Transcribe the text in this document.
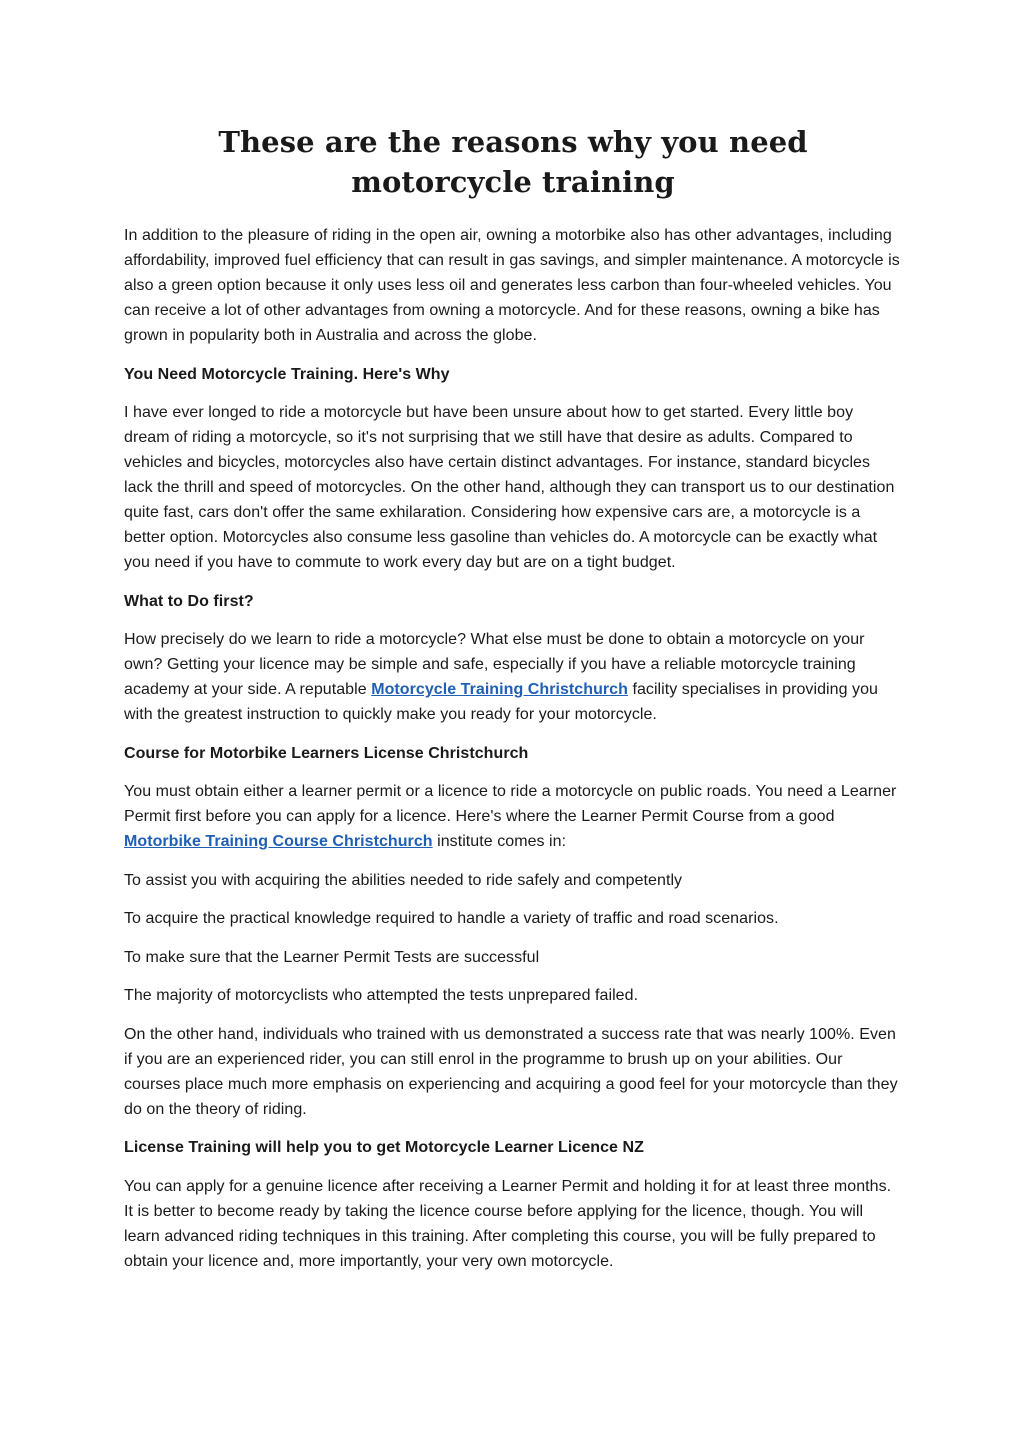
These are the reasons why you need motorcycle training

In addition to the pleasure of riding in the open air, owning a motorbike also has other advantages, including affordability, improved fuel efficiency that can result in gas savings, and simpler maintenance. A motorcycle is also a green option because it only uses less oil and generates less carbon than four-wheeled vehicles. You can receive a lot of other advantages from owning a motorcycle. And for these reasons, owning a bike has grown in popularity both in Australia and across the globe.

You Need Motorcycle Training. Here's Why

I have ever longed to ride a motorcycle but have been unsure about how to get started. Every little boy dream of riding a motorcycle, so it's not surprising that we still have that desire as adults. Compared to vehicles and bicycles, motorcycles also have certain distinct advantages. For instance, standard bicycles lack the thrill and speed of motorcycles. On the other hand, although they can transport us to our destination quite fast, cars don't offer the same exhilaration. Considering how expensive cars are, a motorcycle is a better option. Motorcycles also consume less gasoline than vehicles do. A motorcycle can be exactly what you need if you have to commute to work every day but are on a tight budget.

What to Do first?

How precisely do we learn to ride a motorcycle? What else must be done to obtain a motorcycle on your own? Getting your licence may be simple and safe, especially if you have a reliable motorcycle training academy at your side. A reputable Motorcycle Training Christchurch facility specialises in providing you with the greatest instruction to quickly make you ready for your motorcycle.

Course for Motorbike Learners License Christchurch

You must obtain either a learner permit or a licence to ride a motorcycle on public roads. You need a Learner Permit first before you can apply for a licence. Here's where the Learner Permit Course from a good Motorbike Training Course Christchurch institute comes in:

To assist you with acquiring the abilities needed to ride safely and competently

To acquire the practical knowledge required to handle a variety of traffic and road scenarios.

To make sure that the Learner Permit Tests are successful

The majority of motorcyclists who attempted the tests unprepared failed.

On the other hand, individuals who trained with us demonstrated a success rate that was nearly 100%. Even if you are an experienced rider, you can still enrol in the programme to brush up on your abilities. Our courses place much more emphasis on experiencing and acquiring a good feel for your motorcycle than they do on the theory of riding.

License Training will help you to get Motorcycle Learner Licence NZ

You can apply for a genuine licence after receiving a Learner Permit and holding it for at least three months. It is better to become ready by taking the licence course before applying for the licence, though. You will learn advanced riding techniques in this training. After completing this course, you will be fully prepared to obtain your licence and, more importantly, your very own motorcycle.
